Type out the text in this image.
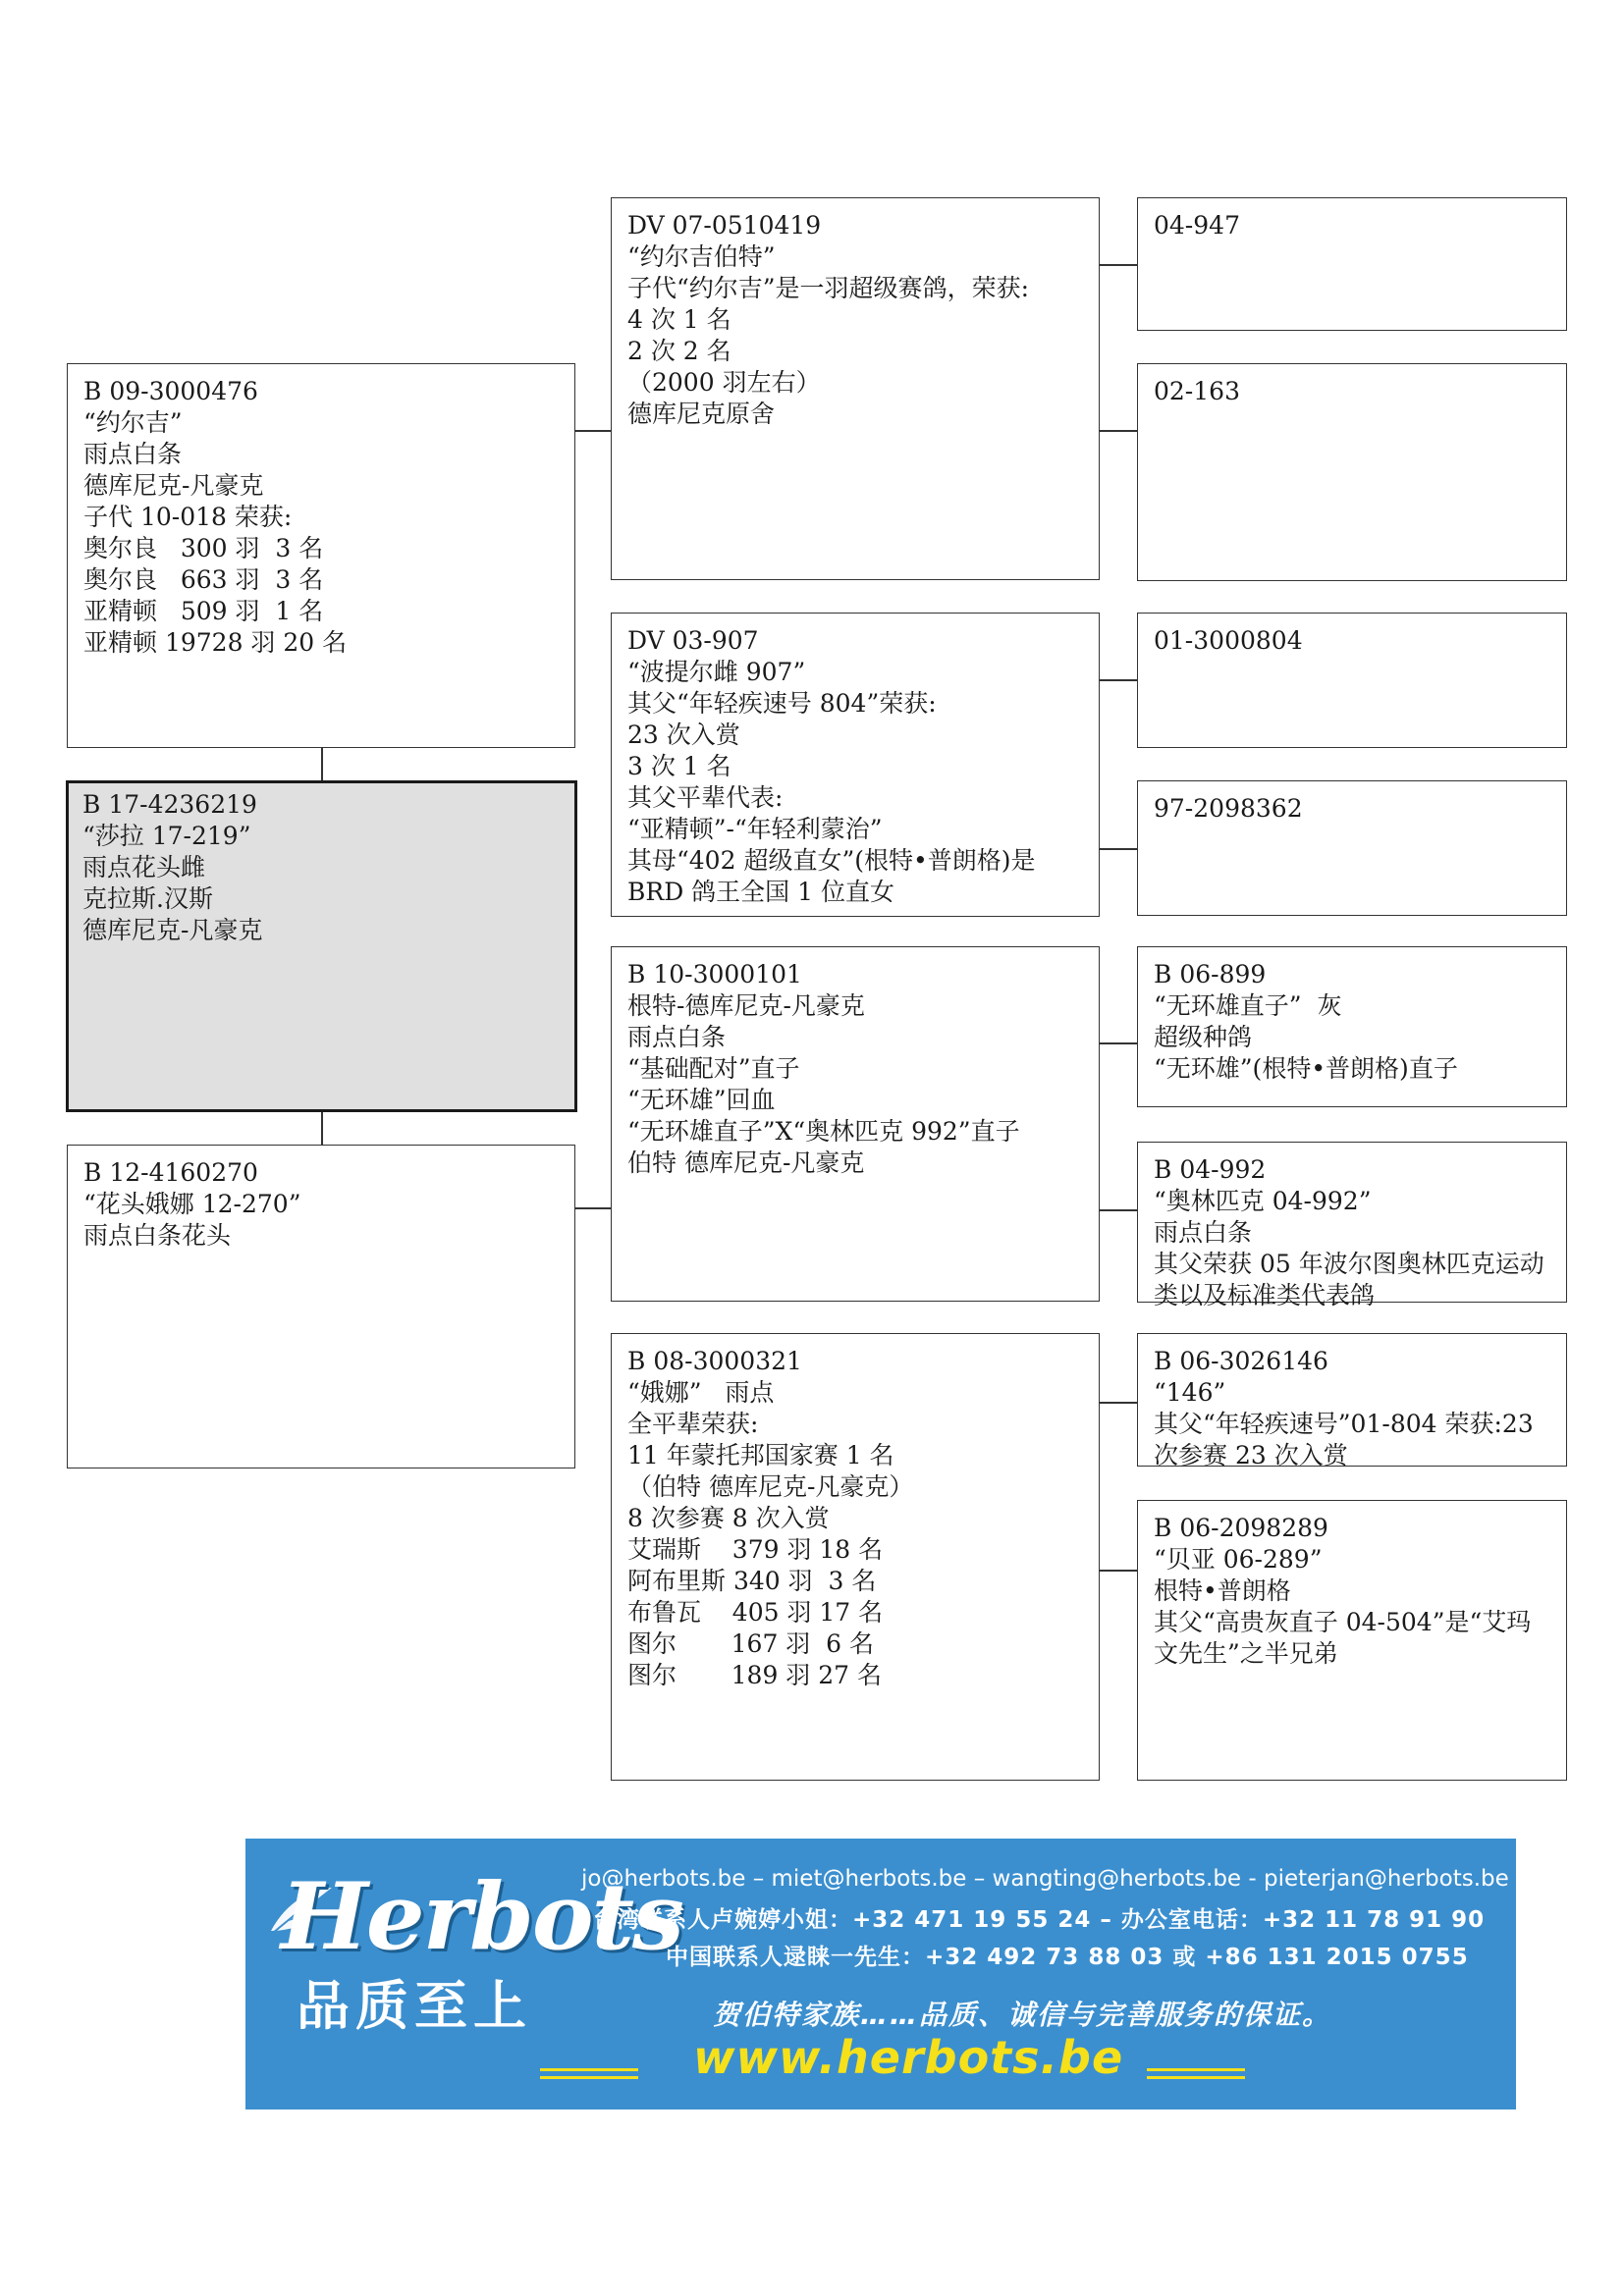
B 09-3000476
“约尔吉”
雨点白条
德库尼克-凡豪克
子代 10-018 荣获:
奥尔良   300 羽  3 名
奥尔良   663 羽  3 名
亚精顿   509 羽  1 名
亚精顿 19728 羽 20 名
B 17-4236219
“莎拉 17-219”
雨点花头雌
克拉斯.汉斯
德库尼克-凡豪克
B 12-4160270
“花头娥娜 12-270”
雨点白条花头
DV 07-0510419
“约尔吉伯特”
子代“约尔吉”是一羽超级赛鸽，荣获:
4 次 1 名
2 次 2 名
（2000 羽左右）
德库尼克原舍
DV 03-907
“波提尔雌 907”
其父“年轻疾速号 804”荣获:
23 次入赏
3 次 1 名
其父平辈代表:
“亚精顿”-“年轻利蒙治”
其母“402 超级直女”(根特•普朗格)是 BRD 鸽王全国 1 位直女
B 10-3000101
根特-德库尼克-凡豪克
雨点白条
“基础配对”直子
“无环雄”回血
“无环雄直子”X“奥林匹克 992”直子
伯特 德库尼克-凡豪克
B 08-3000321
“娥娜”   雨点
全平辈荣获:
11 年蒙托邦国家赛 1 名
（伯特 德库尼克-凡豪克）
8 次参赛 8 次入赏
艾瑞斯    379 羽 18 名
阿布里斯 340 羽  3 名
布鲁瓦    405 羽 17 名
图尔       167 羽  6 名
图尔       189 羽 27 名
04-947
02-163
01-3000804
97-2098362
B 06-899
“无环雄直子”  灰
超级种鸽
“无环雄”(根特•普朗格)直子
B 04-992
“奥林匹克 04-992”
雨点白条
其父荣获 05 年波尔图奥林匹克运动类以及标准类代表鸽
B 06-3026146
“146”
其父“年轻疾速号”01-804 荣获:23 次参赛 23 次入赏
B 06-2098289
“贝亚 06-289”
根特•普朗格
其父“高贵灰直子 04-504”是“艾玛文先生”之半兄弟
Herbots
品质至上
jo@herbots.be – miet@herbots.be – wangting@herbots.be - pieterjan@herbots.be
台湾联系人卢婉婷小姐：+32 471 19 55 24 – 办公室电话：+32 11 78 91 90
中国联系人逯睐一先生：+32 492 73 88 03 或 +86 131 2015 0755
贺伯特家族……品质、诚信与完善服务的保证。
www.herbots.be
